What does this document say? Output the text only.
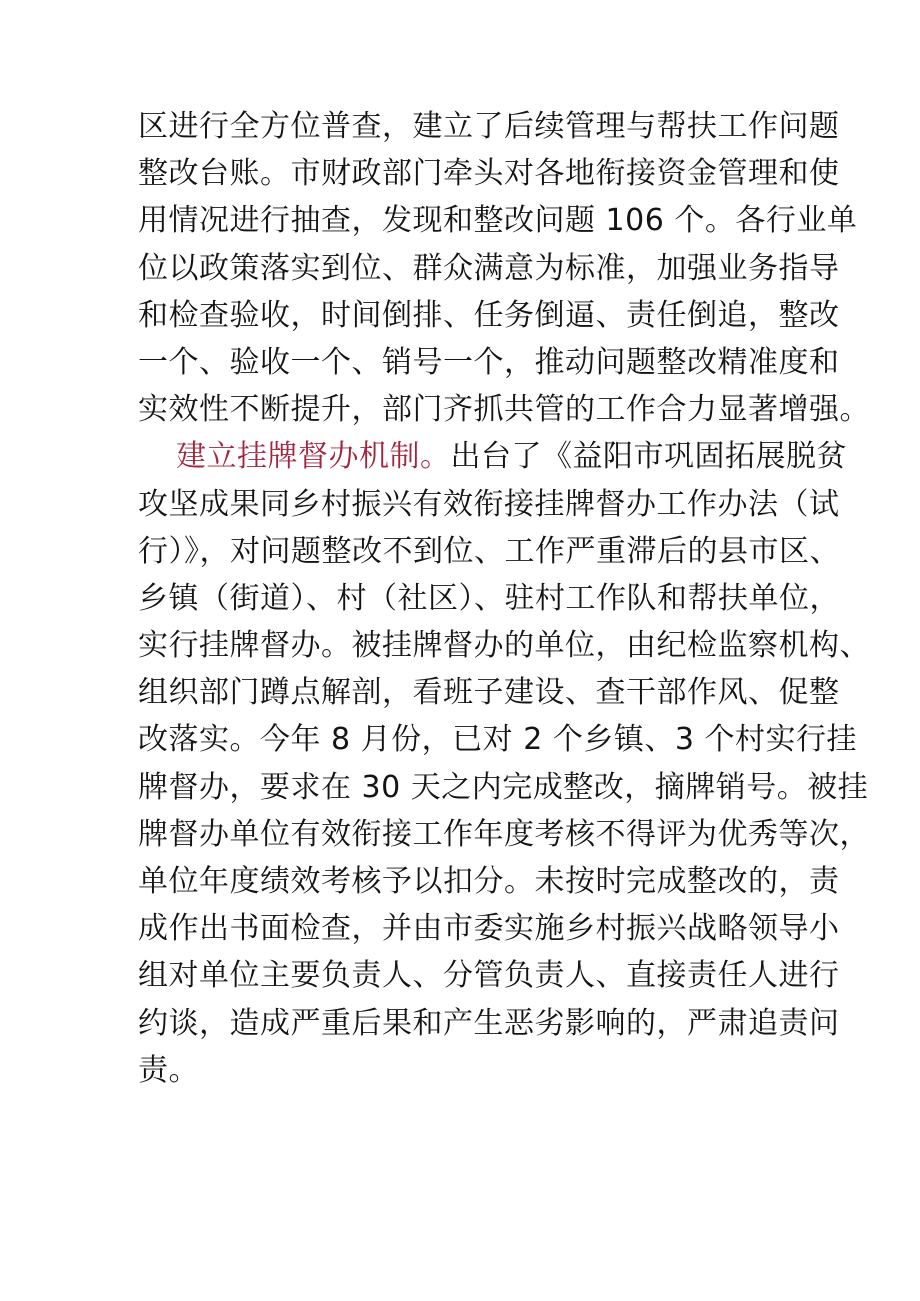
区进行全方位普查，建立了后续管理与帮扶工作问题
整改台账。市财政部门牵头对各地衔接资金管理和使
用情况进行抽查，发现和整改问题 106 个。各行业单
位以政策落实到位、群众满意为标准，加强业务指导
和检查验收，时间倒排、任务倒逼、责任倒追，整改
一个、验收一个、销号一个，推动问题整改精准度和
实效性不断提升，部门齐抓共管的工作合力显著增强。
建立挂牌督办机制。出台了《益阳市巩固拓展脱贫
攻坚成果同乡村振兴有效衔接挂牌督办工作办法（试
行）》，对问题整改不到位、工作严重滞后的县市区、
乡镇（街道）、村（社区）、驻村工作队和帮扶单位，
实行挂牌督办。被挂牌督办的单位，由纪检监察机构、
组织部门蹲点解剖，看班子建设、查干部作风、促整
改落实。今年 8 月份，已对 2 个乡镇、3 个村实行挂
牌督办，要求在 30 天之内完成整改，摘牌销号。被挂
牌督办单位有效衔接工作年度考核不得评为优秀等次，
单位年度绩效考核予以扣分。未按时完成整改的，责
成作出书面检查，并由市委实施乡村振兴战略领导小
组对单位主要负责人、分管负责人、直接责任人进行
约谈，造成严重后果和产生恶劣影响的，严肃追责问
责。
